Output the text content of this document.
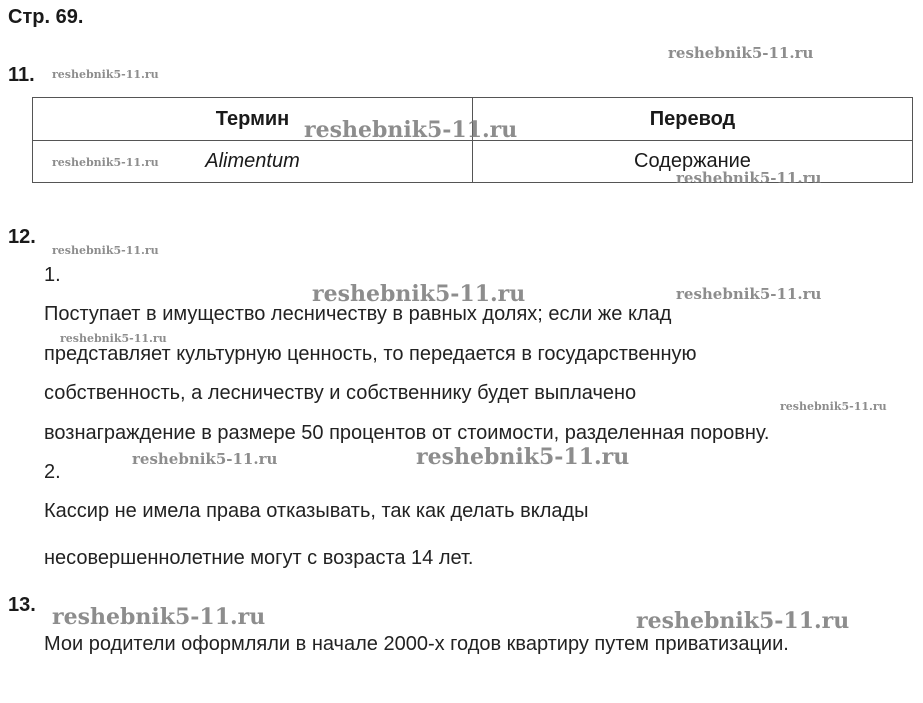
Стр. 69.
11.
Термин	Перевод
Alimentum	Содержание
12.
1.
Поступает в имущество лесничеству в равных долях; если же клад
представляет культурную ценность, то передается в государственную
собственность, а лесничеству и собственнику будет выплачено
вознаграждение в размере 50 процентов от стоимости, разделенная поровну.
2.
Кассир не имела права отказывать, так как делать вклады
несовершеннолетние могут с возраста 14 лет.
13.
Мои родители оформляли в начале 2000-х годов квартиру путем приватизации.
reshebnik5-11.ru
reshebnik5-11.ru
reshebnik5-11.ru
reshebnik5-11.ru
reshebnik5-11.ru
reshebnik5-11.ru
reshebnik5-11.ru	reshebnik5-11.ru
reshebnik5-11.ru
reshebnik5-11.ru
reshebnik5-11.ru	reshebnik5-11.ru
reshebnik5-11.ru	reshebnik5-11.ru
